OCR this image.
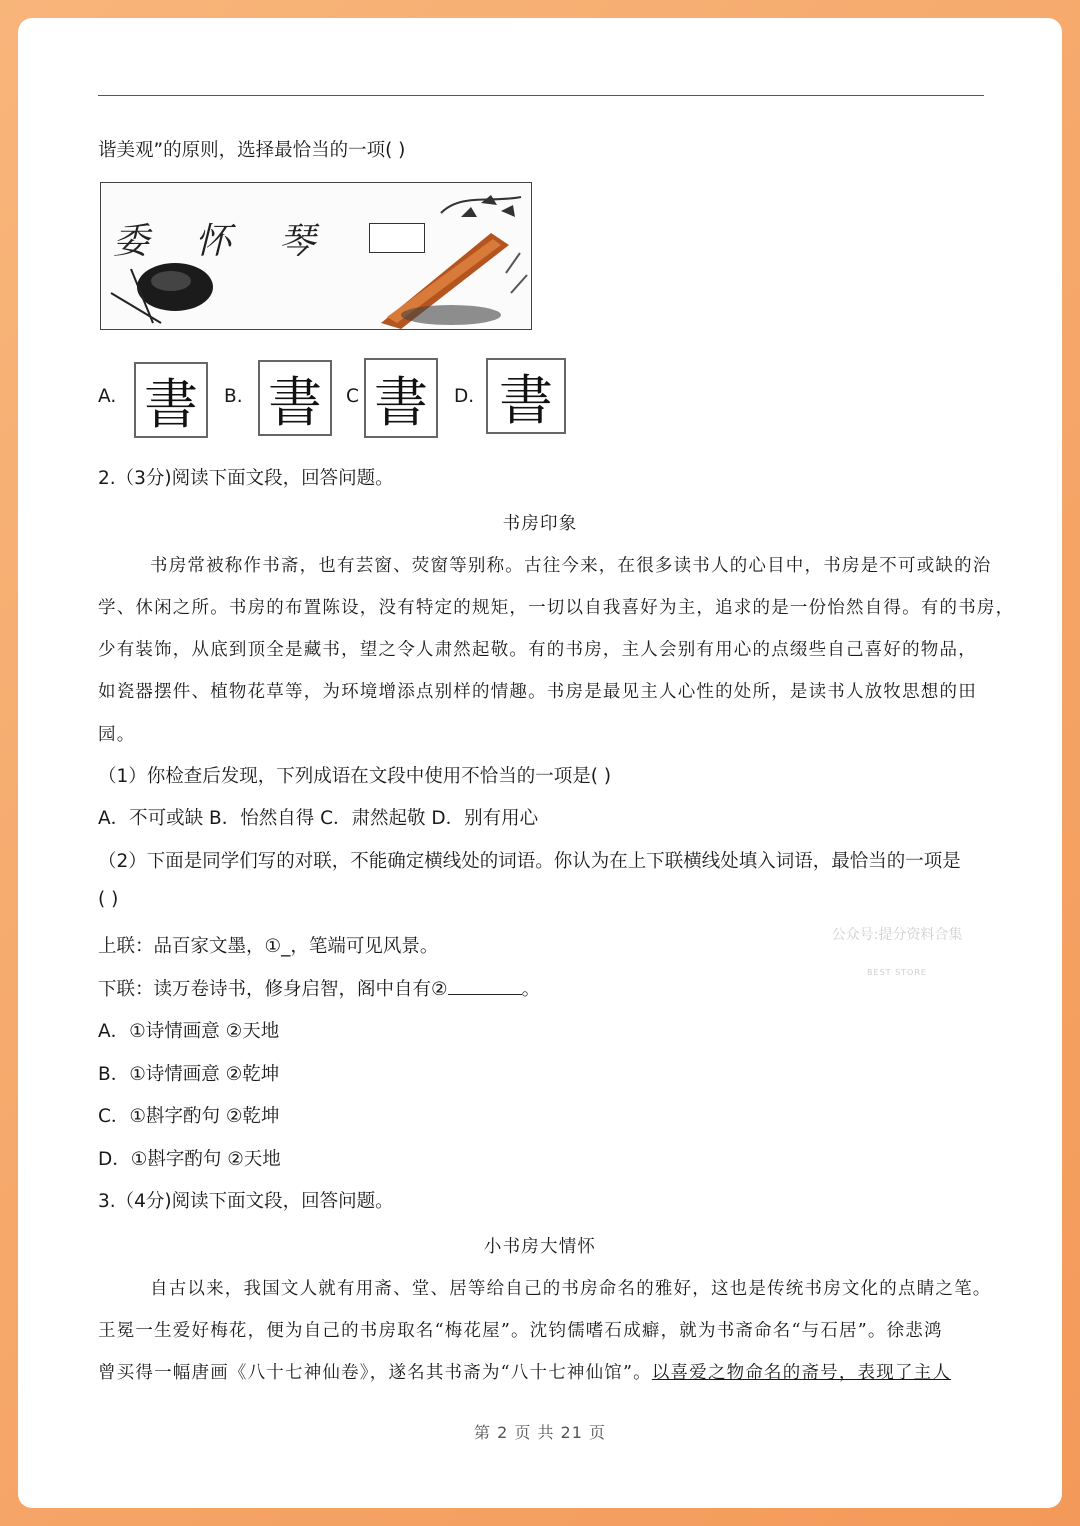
谐美观”的原则，选择最恰当的一项( )
委 怀 琴
A. 書	B. 書	C 書	D. 書
2.（3分)阅读下面文段，回答问题。
书房印象
书房常被称作书斋，也有芸窗、荧窗等别称。古往今来，在很多读书人的心目中，书房是不可或缺的治
学、休闲之所。书房的布置陈设，没有特定的规矩，一切以自我喜好为主，追求的是一份怡然自得。有的书房，
少有装饰，从底到顶全是藏书，望之令人肃然起敬。有的书房，主人会别有用心的点缀些自己喜好的物品，
如瓷器摆件、植物花草等，为环境增添点别样的情趣。书房是最见主人心性的处所，是读书人放牧思想的田
园。
（1）你检查后发现，下列成语在文段中使用不恰当的一项是( )
A．不可或缺 B．怡然自得 C．肃然起敬 D．别有用心
（2）下面是同学们写的对联，不能确定横线处的词语。你认为在上下联横线处填入词语，最恰当的一项是
( )
上联：品百家文墨，①_，笔端可见风景。
下联：读万卷诗书，修身启智，阁中自有②	。
A．①诗情画意 ②天地
B．①诗情画意 ②乾坤
C．①斟字酌句 ②乾坤
D．①斟字酌句 ②天地
公众号:提分资料合集
BEST STORE
3.（4分)阅读下面文段，回答问题。
小书房大情怀
自古以来，我国文人就有用斋、堂、居等给自己的书房命名的雅好，这也是传统书房文化的点睛之笔。
王冕一生爱好梅花，便为自己的书房取名“梅花屋”。沈钧儒嗜石成癖，就为书斋命名“与石居”。徐悲鸿
曾买得一幅唐画《八十七神仙卷》，遂名其书斋为“八十七神仙馆”。以喜爱之物命名的斋号，表现了主人
第 2 页 共 21 页
